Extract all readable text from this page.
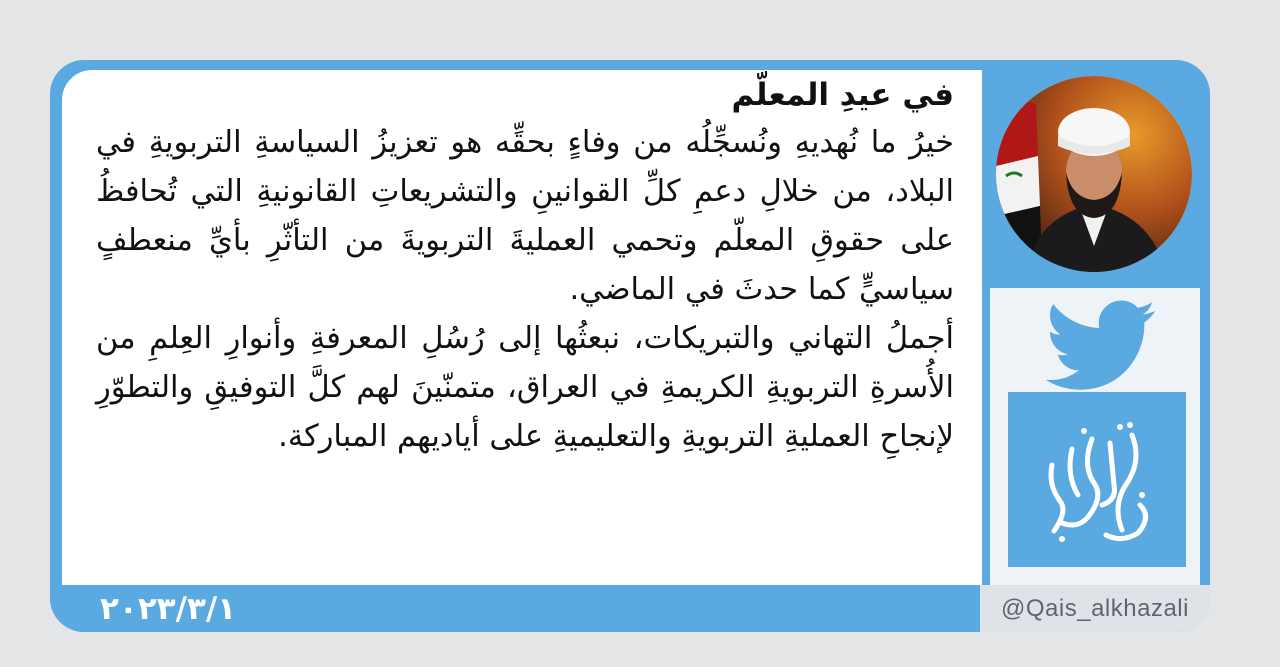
٢٠٢٣/٣/١	@Qais_alkhazali

في عيدِ المعلّم

خيرُ ما نُهديهِ ونُسجِّلُه من وفاءٍ بحقِّه هو تعزيزُ السياسةِ التربويةِ في البلاد، من خلالِ دعمِ كلِّ القوانينِ والتشريعاتِ القانونيةِ التي تُحافظُ على حقوقِ المعلّم وتحمي العمليةَ التربويةَ من التأثّرِ بأيِّ منعطفٍ سياسيٍّ كما حدثَ في الماضي.

أجملُ التهاني والتبريكات، نبعثُها إلى رُسُلِ المعرفةِ وأنوارِ العِلمِ من الأُسرةِ التربويةِ الكريمةِ في العراق، متمنّينَ لهم كلَّ التوفيقِ والتطوّرِ لإنجاحِ العمليةِ التربويةِ والتعليميةِ على أياديهم المباركة.
